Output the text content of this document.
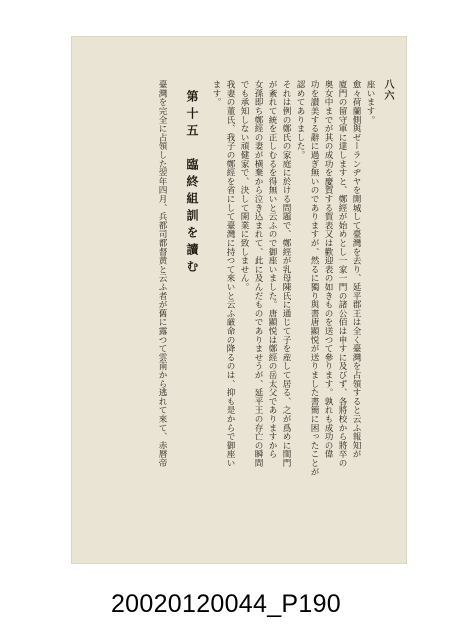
八六
座います。
愈々荷蘭側與ゼーランヂヤを開城して臺灣を去り、延平郡王は全く臺灣を占領すると云ふ報知が
廈門の留守軍に達しますと、鄭經が始めとし一家一門の諸公佰は申すに及びず、各將校から將卒の
奥女中までが其の成功を慶賀する賀表又は歡迎表の如きものを送つて參ります。孰れも成功の偉
功を讃美する辭に過ぎ無いのでありますが、然るに獨り與書唐顯悦が送りました書簡に困ったことが
認めてありました。
それは例の鄭氏の家庭に於ける問題で、鄭經が乳母陳氏に通じて子を産して居る、之が爲めに閨門
が紊れて統を正しむるを得無いと云ふので御座いました。唐顯悦は鄭經の岳太父でありますから
女孫即ち鄭經の妻が横棄から泣き込まれて、此に及んだものでありませうが、延平王の存亡の瞬間
でも承知しない頑健家で、決して開業に致しません。
我妻の董氏、我子の鄭經を省にして臺灣に持つて來いと云ふ厳命の降るのは、抑も是からで御座い
ます。
第十五　臨終組訓を讀む
臺灣を完全に占領した翌年四月、兵都司都督黄と云ふ者が舊に露つて雲南から逃れて來て、赤暦帝
20020120044_P190
